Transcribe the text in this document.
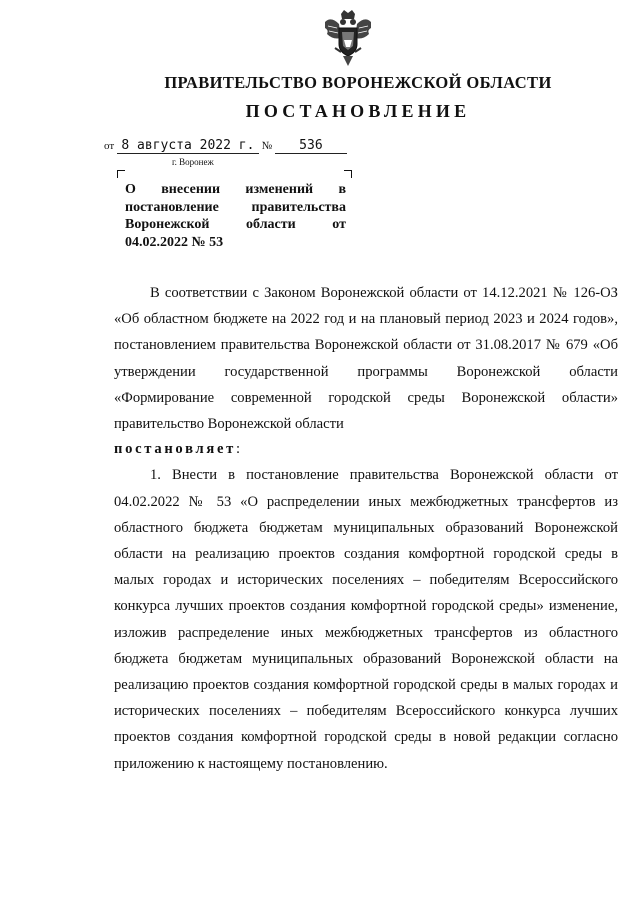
ПРАВИТЕЛЬСТВО ВОРОНЕЖСКОЙ ОБЛАСТИ
ПОСТАНОВЛЕНИЕ
от 8 августа 2022 г. № 536
г. Воронеж
О внесении изменений в постановление правительства Воронежской области от
04.02.2022 № 53

В соответствии с Законом Воронежской области от 14.12.2021 № 126-ОЗ «Об областном бюджете на 2022 год и на плановый период 2023 и 2024 годов», постановлением правительства Воронежской области от 31.08.2017 № 679 «Об утверждении государственной программы Воронежской области «Формирование современной городской среды Воронежской области» правительство Воронежской области

постановляет:

1. Внести в постановление правительства Воронежской области от 04.02.2022 № 53 «О распределении иных межбюджетных трансфертов из областного бюджета бюджетам муниципальных образований Воронежской области на реализацию проектов создания комфортной городской среды в малых городах и исторических поселениях – победителям Всероссийского конкурса лучших проектов создания комфортной городской среды» изменение, изложив распределение иных межбюджетных трансфертов из областного бюджета бюджетам муниципальных образований Воронежской области на реализацию проектов создания комфортной городской среды в малых городах и исторических поселениях – победителям Всероссийского конкурса лучших проектов создания комфортной городской среды в новой редакции согласно приложению к настоящему постановлению.
